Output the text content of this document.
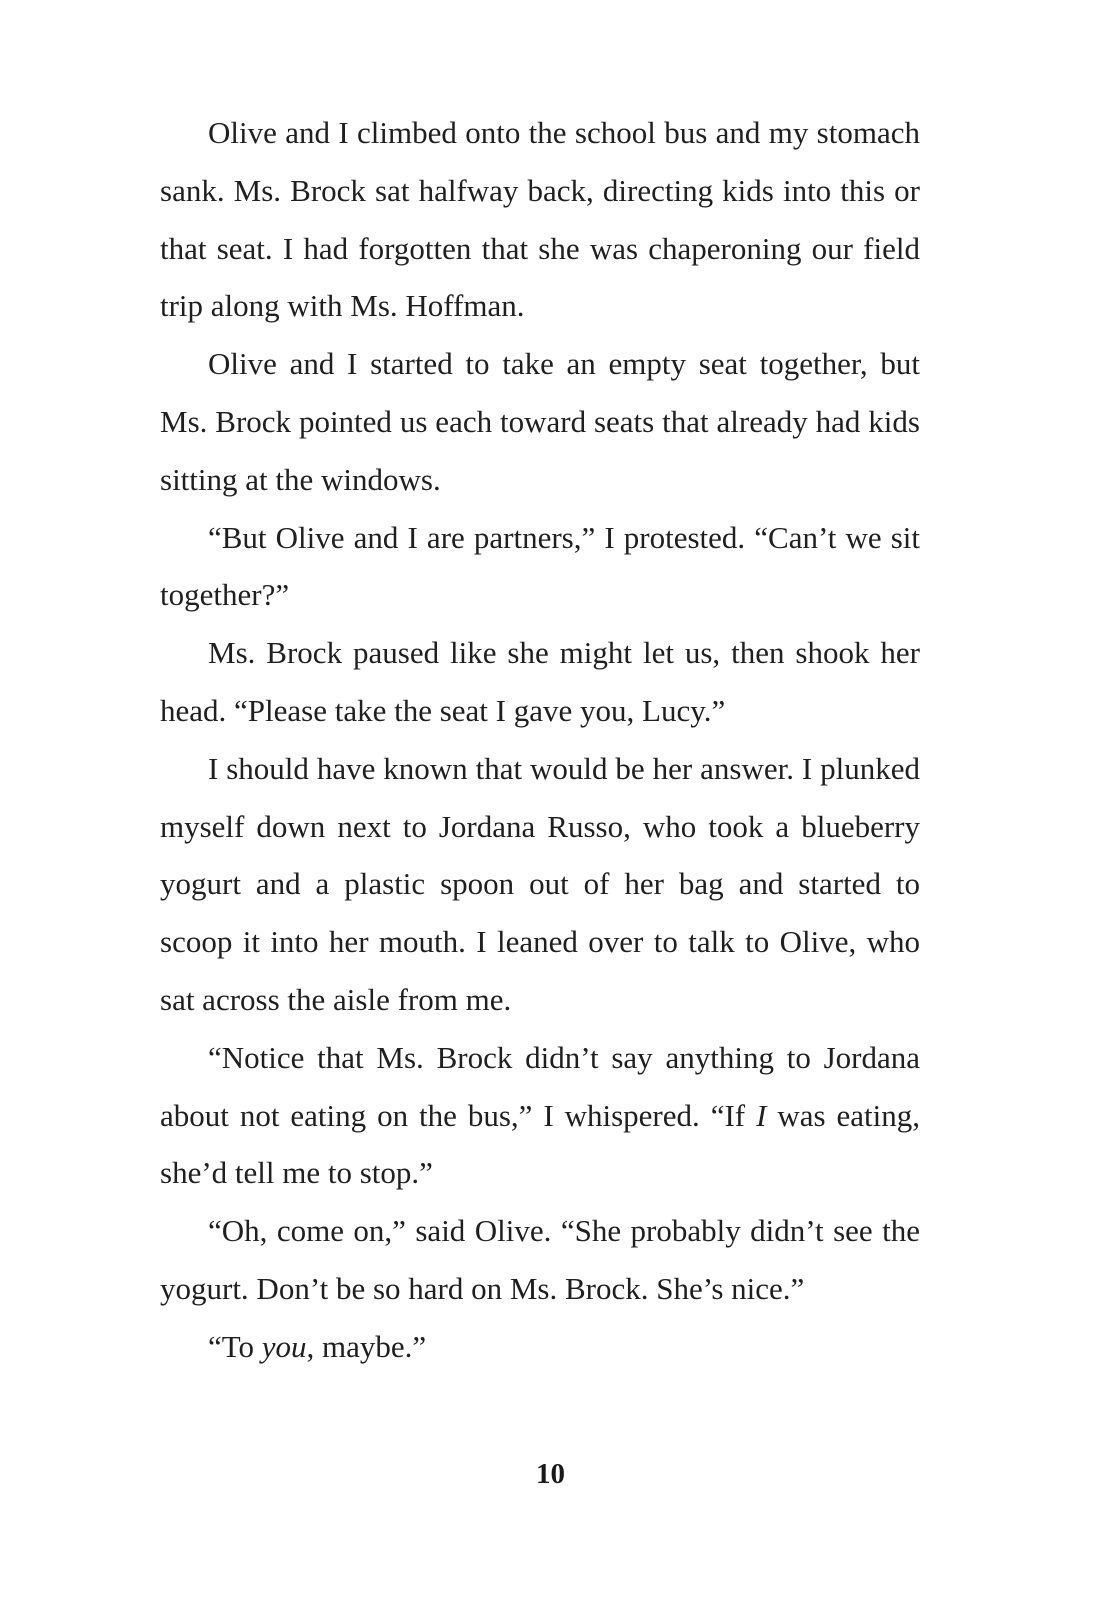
Olive and I climbed onto the school bus and my stomach sank. Ms. Brock sat halfway back, directing kids into this or that seat. I had forgotten that she was chaperoning our field trip along with Ms. Hoffman.

Olive and I started to take an empty seat together, but Ms. Brock pointed us each toward seats that already had kids sitting at the windows.

“But Olive and I are partners,” I protested. “Can’t we sit together?”

Ms. Brock paused like she might let us, then shook her head. “Please take the seat I gave you, Lucy.”

I should have known that would be her answer. I plunked myself down next to Jordana Russo, who took a blueberry yogurt and a plastic spoon out of her bag and started to scoop it into her mouth. I leaned over to talk to Olive, who sat across the aisle from me.

“Notice that Ms. Brock didn’t say anything to Jordana about not eating on the bus,” I whispered. “If I was eating, she’d tell me to stop.”

“Oh, come on,” said Olive. “She probably didn’t see the yogurt. Don’t be so hard on Ms. Brock. She’s nice.”

“To you, maybe.”

10
